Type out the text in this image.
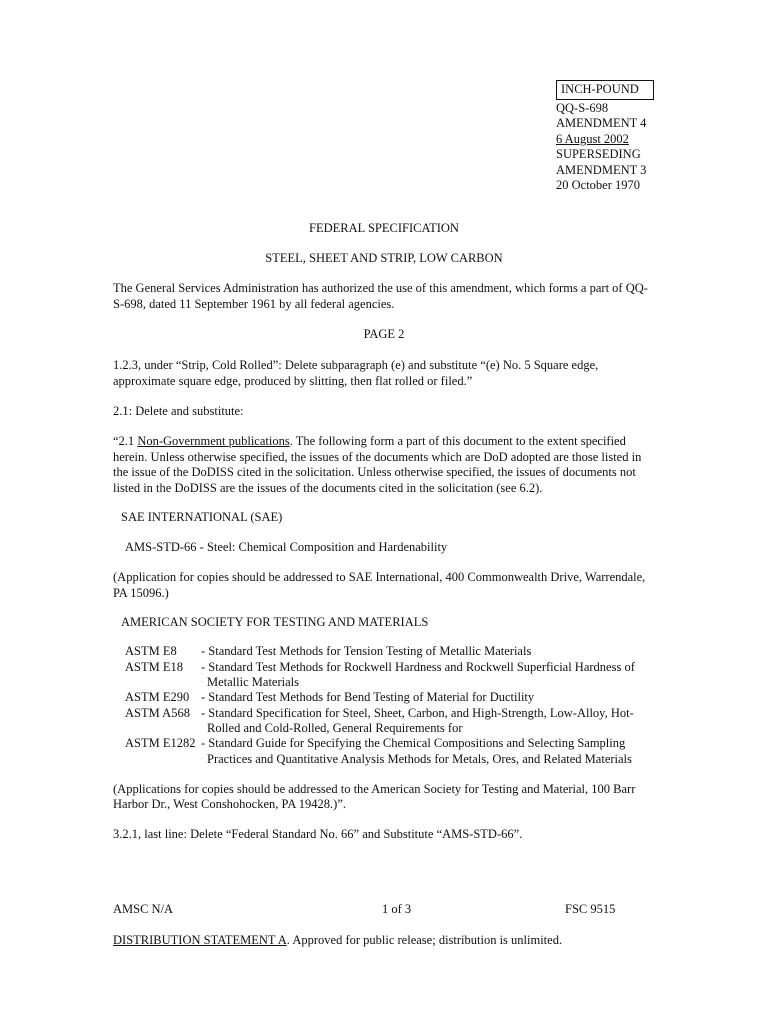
INCH-POUND
QQ-S-698
AMENDMENT 4
6 August 2002
SUPERSEDING
AMENDMENT 3
20 October 1970
FEDERAL SPECIFICATION
STEEL, SHEET AND STRIP, LOW CARBON
The General Services Administration has authorized the use of this amendment, which forms a part of QQ-
S-698, dated 11 September 1961 by all federal agencies.
PAGE 2
1.2.3, under “Strip, Cold Rolled”: Delete subparagraph (e) and substitute “(e) No. 5 Square edge,
approximate square edge, produced by slitting, then flat rolled or filed.”
2.1: Delete and substitute:
“2.1 Non-Government publications. The following form a part of this document to the extent specified
herein. Unless otherwise specified, the issues of the documents which are DoD adopted are those listed in
the issue of the DoDISS cited in the solicitation. Unless otherwise specified, the issues of documents not
listed in the DoDISS are the issues of the documents cited in the solicitation (see 6.2).
SAE INTERNATIONAL (SAE)
AMS-STD-66 - Steel: Chemical Composition and Hardenability
(Application for copies should be addressed to SAE International, 400 Commonwealth Drive, Warrendale,
PA 15096.)
AMERICAN SOCIETY FOR TESTING AND MATERIALS
ASTM E8 - Standard Test Methods for Tension Testing of Metallic Materials
ASTM E18 - Standard Test Methods for Rockwell Hardness and Rockwell Superficial Hardness of
Metallic Materials
ASTM E290 - Standard Test Methods for Bend Testing of Material for Ductility
ASTM A568 - Standard Specification for Steel, Sheet, Carbon, and High-Strength, Low-Alloy, Hot-
Rolled and Cold-Rolled, General Requirements for
ASTM E1282 - Standard Guide for Specifying the Chemical Compositions and Selecting Sampling
Practices and Quantitative Analysis Methods for Metals, Ores, and Related Materials
(Applications for copies should be addressed to the American Society for Testing and Material, 100 Barr
Harbor Dr., West Conshohocken, PA 19428.)”.
3.2.1, last line: Delete “Federal Standard No. 66” and Substitute “AMS-STD-66”.
AMSC N/A	1 of 3	FSC 9515
DISTRIBUTION STATEMENT A. Approved for public release; distribution is unlimited.
